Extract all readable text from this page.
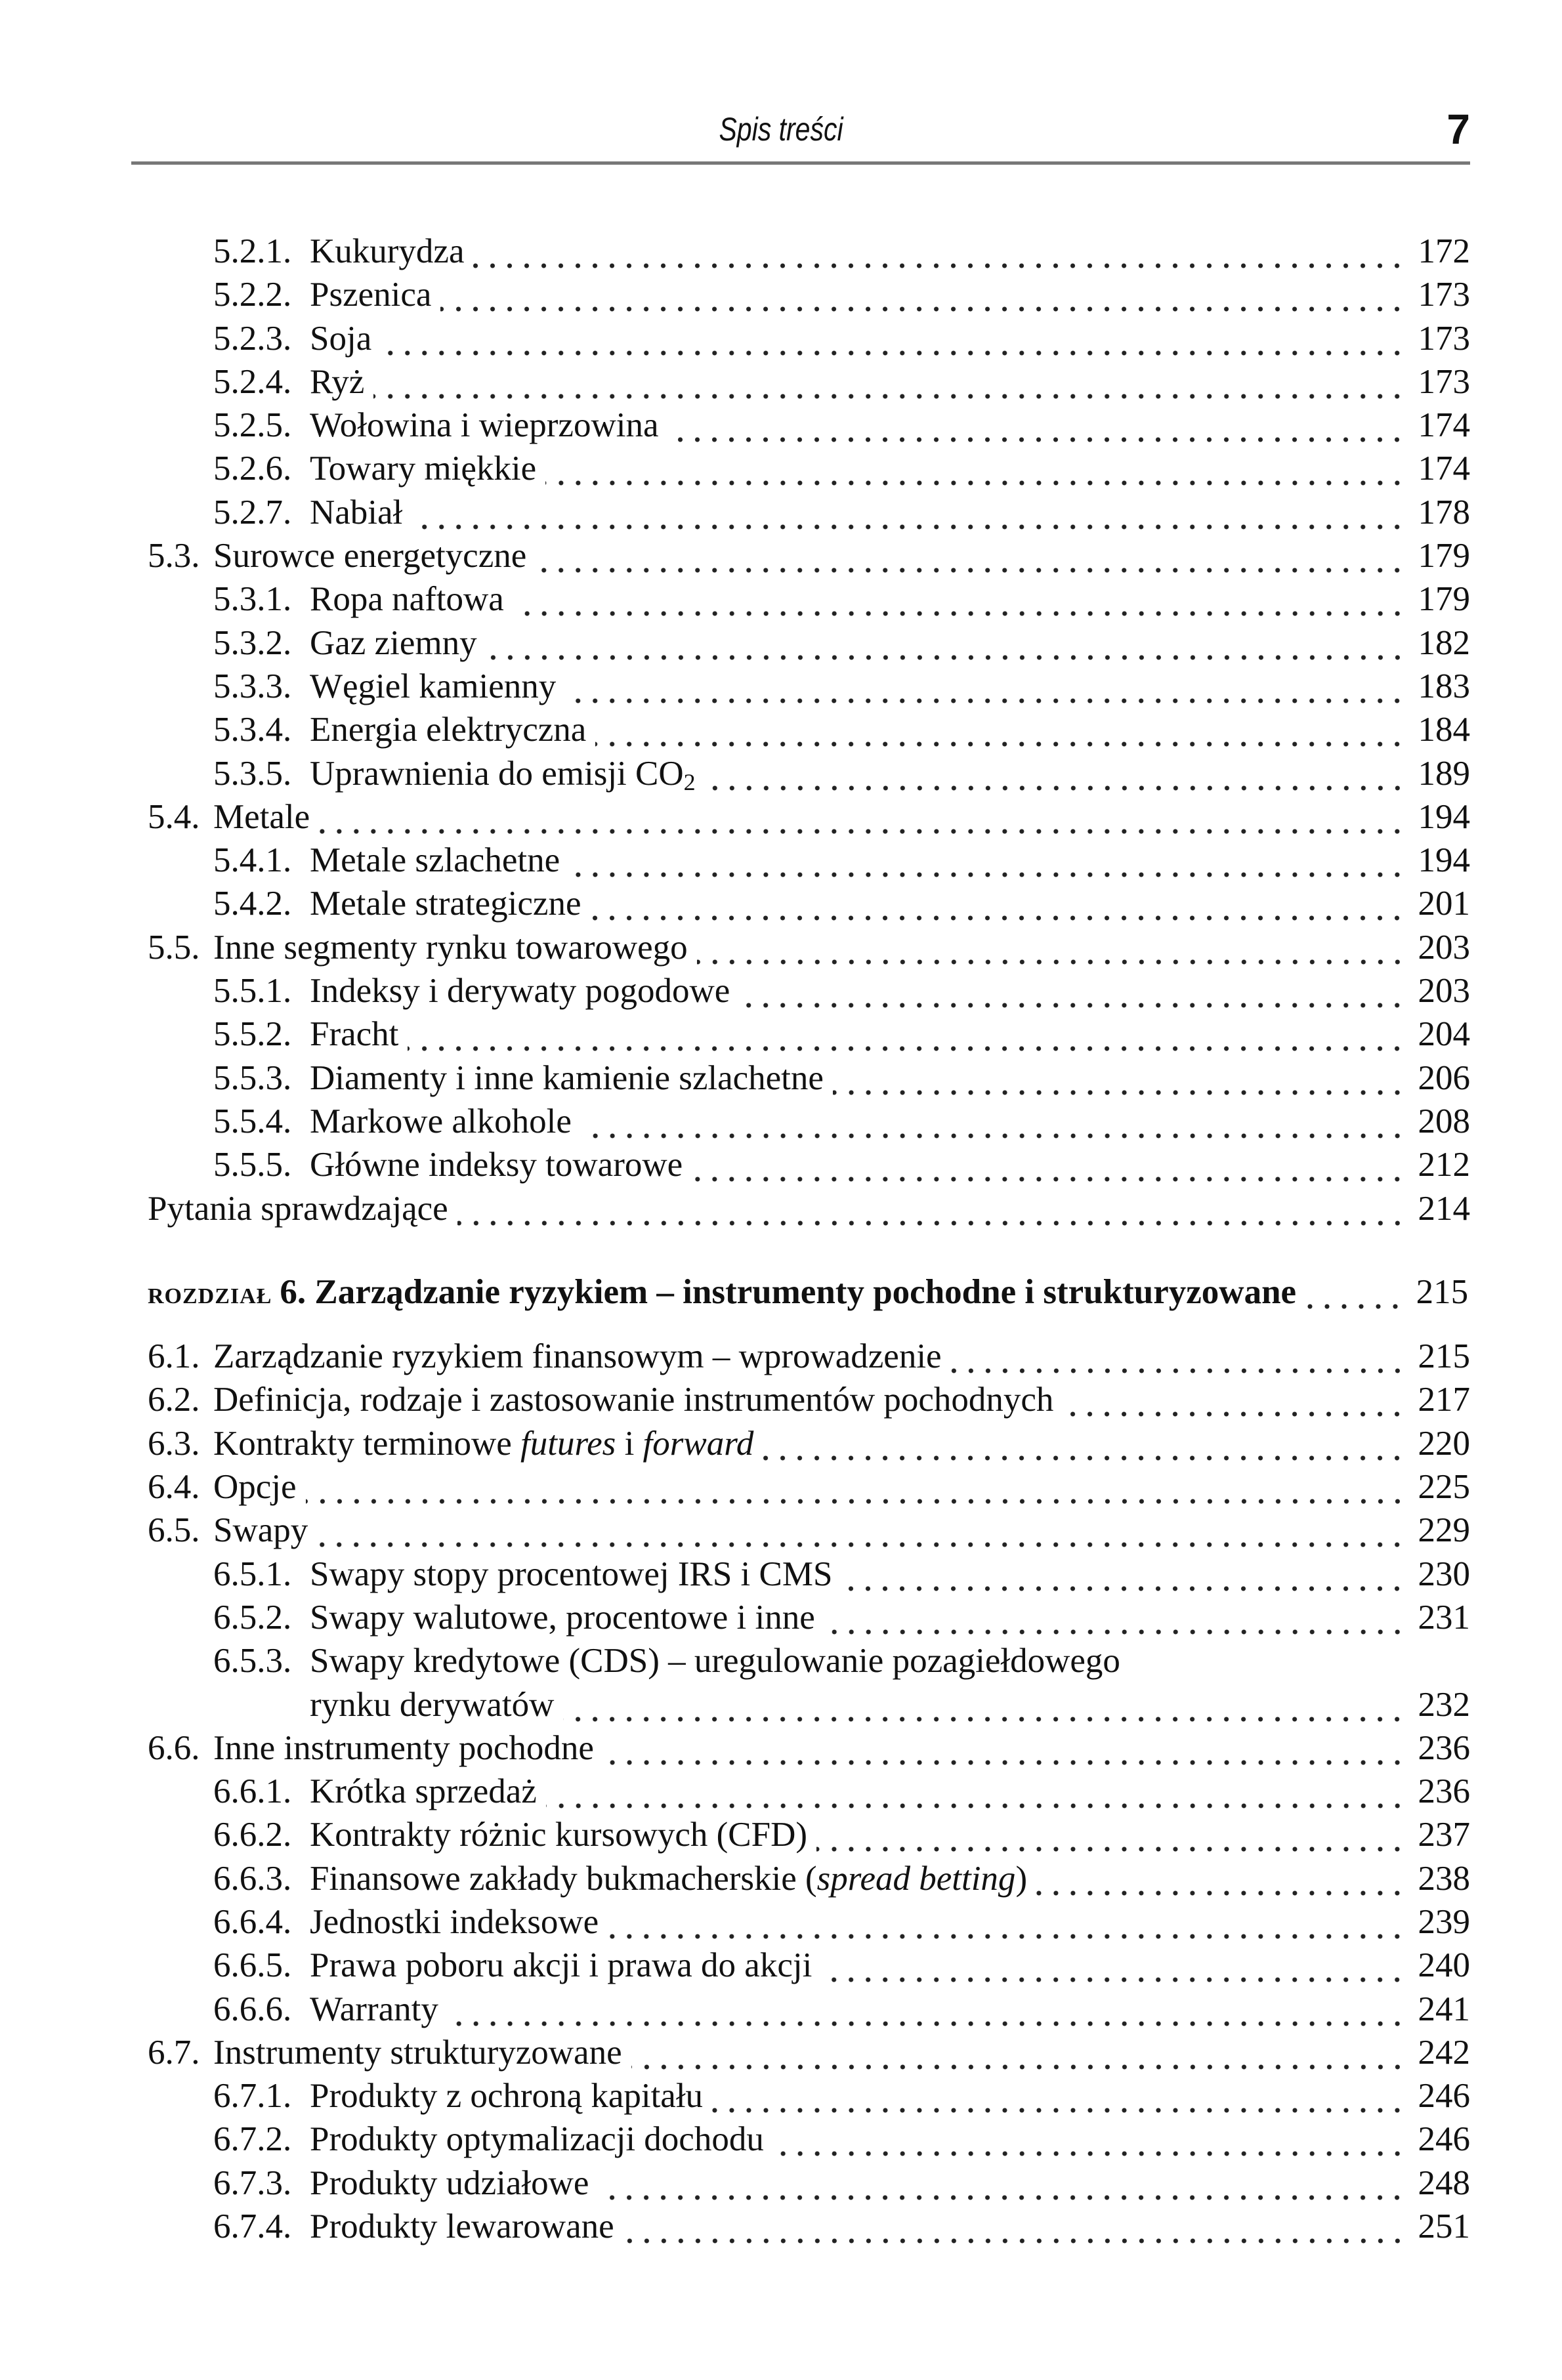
Spis treści	7
5.2.1. Kukurydza	172
5.2.2. Pszenica	173
5.2.3. Soja	173
5.2.4. Ryż	173
5.2.5. Wołowina i wieprzowina	174
5.2.6. Towary miękkie	174
5.2.7. Nabiał	178
5.3. Surowce energetyczne	179
5.3.1. Ropa naftowa	179
5.3.2. Gaz ziemny	182
5.3.3. Węgiel kamienny	183
5.3.4. Energia elektryczna	184
5.3.5. Uprawnienia do emisji $CO_2$	189
5.4. Metale	194
5.4.1. Metale szlachetne	194
5.4.2. Metale strategiczne	201
5.5. Inne segmenty rynku towarowego	203
5.5.1. Indeksy i derywaty pogodowe	203
5.5.2. Fracht	204
5.5.3. Diamenty i inne kamienie szlachetne	206
5.5.4. Markowe alkohole	208
5.5.5. Główne indeksy towarowe	212
Pytania sprawdzające	214
ROZDZIAŁ 6. Zarządzanie ryzykiem – instrumenty pochodne i strukturyzowane	215
6.1. Zarządzanie ryzykiem finansowym – wprowadzenie	215
6.2. Definicja, rodzaje i zastosowanie instrumentów pochodnych	217
6.3. Kontrakty terminowe futures i forward	220
6.4. Opcje	225
6.5. Swapy	229
6.5.1. Swapy stopy procentowej IRS i CMS	230
6.5.2. Swapy walutowe, procentowe i inne	231
6.5.3. Swapy kredytowe (CDS) – uregulowanie pozagiełdowego
rynku derywatów	232
6.6. Inne instrumenty pochodne	236
6.6.1. Krótka sprzedaż	236
6.6.2. Kontrakty różnic kursowych (CFD)	237
6.6.3. Finansowe zakłady bukmacherskie (spread betting)	238
6.6.4. Jednostki indeksowe	239
6.6.5. Prawa poboru akcji i prawa do akcji	240
6.6.6. Warranty	241
6.7. Instrumenty strukturyzowane	242
6.7.1. Produkty z ochroną kapitału	246
6.7.2. Produkty optymalizacji dochodu	246
6.7.3. Produkty udziałowe	248
6.7.4. Produkty lewarowane	251
